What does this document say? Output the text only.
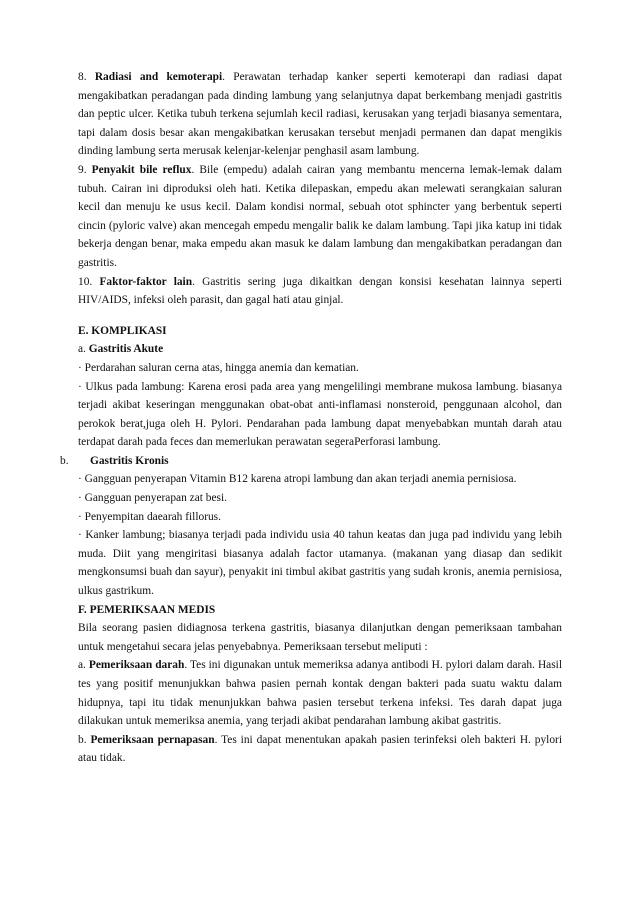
8. Radiasi and kemoterapi. Perawatan terhadap kanker seperti kemoterapi dan radiasi dapat mengakibatkan peradangan pada dinding lambung yang selanjutnya dapat berkembang menjadi gastritis dan peptic ulcer. Ketika tubuh terkena sejumlah kecil radiasi, kerusakan yang terjadi biasanya sementara, tapi dalam dosis besar akan mengakibatkan kerusakan tersebut menjadi permanen dan dapat mengikis dinding lambung serta merusak kelenjar-kelenjar penghasil asam lambung.

9. Penyakit bile reflux. Bile (empedu) adalah cairan yang membantu mencerna lemak-lemak dalam tubuh. Cairan ini diproduksi oleh hati. Ketika dilepaskan, empedu akan melewati serangkaian saluran kecil dan menuju ke usus kecil. Dalam kondisi normal, sebuah otot sphincter yang berbentuk seperti cincin (pyloric valve) akan mencegah empedu mengalir balik ke dalam lambung. Tapi jika katup ini tidak bekerja dengan benar, maka empedu akan masuk ke dalam lambung dan mengakibatkan peradangan dan gastritis.

10. Faktor-faktor lain. Gastritis sering juga dikaitkan dengan konsisi kesehatan lainnya seperti HIV/AIDS, infeksi oleh parasit, dan gagal hati atau ginjal.

E. KOMPLIKASI

a. Gastritis Akute

· Perdarahan saluran cerna atas, hingga anemia dan kematian.

· Ulkus pada lambung: Karena erosi pada area yang mengelilingi membrane mukosa lambung. biasanya terjadi akibat keseringan menggunakan obat-obat anti-inflamasi nonsteroid, penggunaan alcohol, dan perokok berat,juga oleh H. Pylori. Pendarahan pada lambung dapat menyebabkan muntah darah atau terdapat darah pada feces dan memerlukan perawatan segeraPerforasi lambung.

b. Gastritis Kronis

· Gangguan penyerapan Vitamin B12 karena atropi lambung dan akan terjadi anemia pernisiosa.

· Gangguan penyerapan zat besi.

· Penyempitan daearah fillorus.

· Kanker lambung; biasanya terjadi pada individu usia 40 tahun keatas dan juga pad individu yang lebih muda. Diit yang mengiritasi biasanya adalah factor utamanya. (makanan yang diasap dan sedikit mengkonsumsi buah dan sayur), penyakit ini timbul akibat gastritis yang sudah kronis, anemia pernisiosa, ulkus gastrikum.

F. PEMERIKSAAN MEDIS

Bila seorang pasien didiagnosa terkena gastritis, biasanya dilanjutkan dengan pemeriksaan tambahan untuk mengetahui secara jelas penyebabnya. Pemeriksaan tersebut meliputi :

a. Pemeriksaan darah. Tes ini digunakan untuk memeriksa adanya antibodi H. pylori dalam darah. Hasil tes yang positif menunjukkan bahwa pasien pernah kontak dengan bakteri pada suatu waktu dalam hidupnya, tapi itu tidak menunjukkan bahwa pasien tersebut terkena infeksi. Tes darah dapat juga dilakukan untuk memeriksa anemia, yang terjadi akibat pendarahan lambung akibat gastritis.

b. Pemeriksaan pernapasan. Tes ini dapat menentukan apakah pasien terinfeksi oleh bakteri H. pylori atau tidak.
